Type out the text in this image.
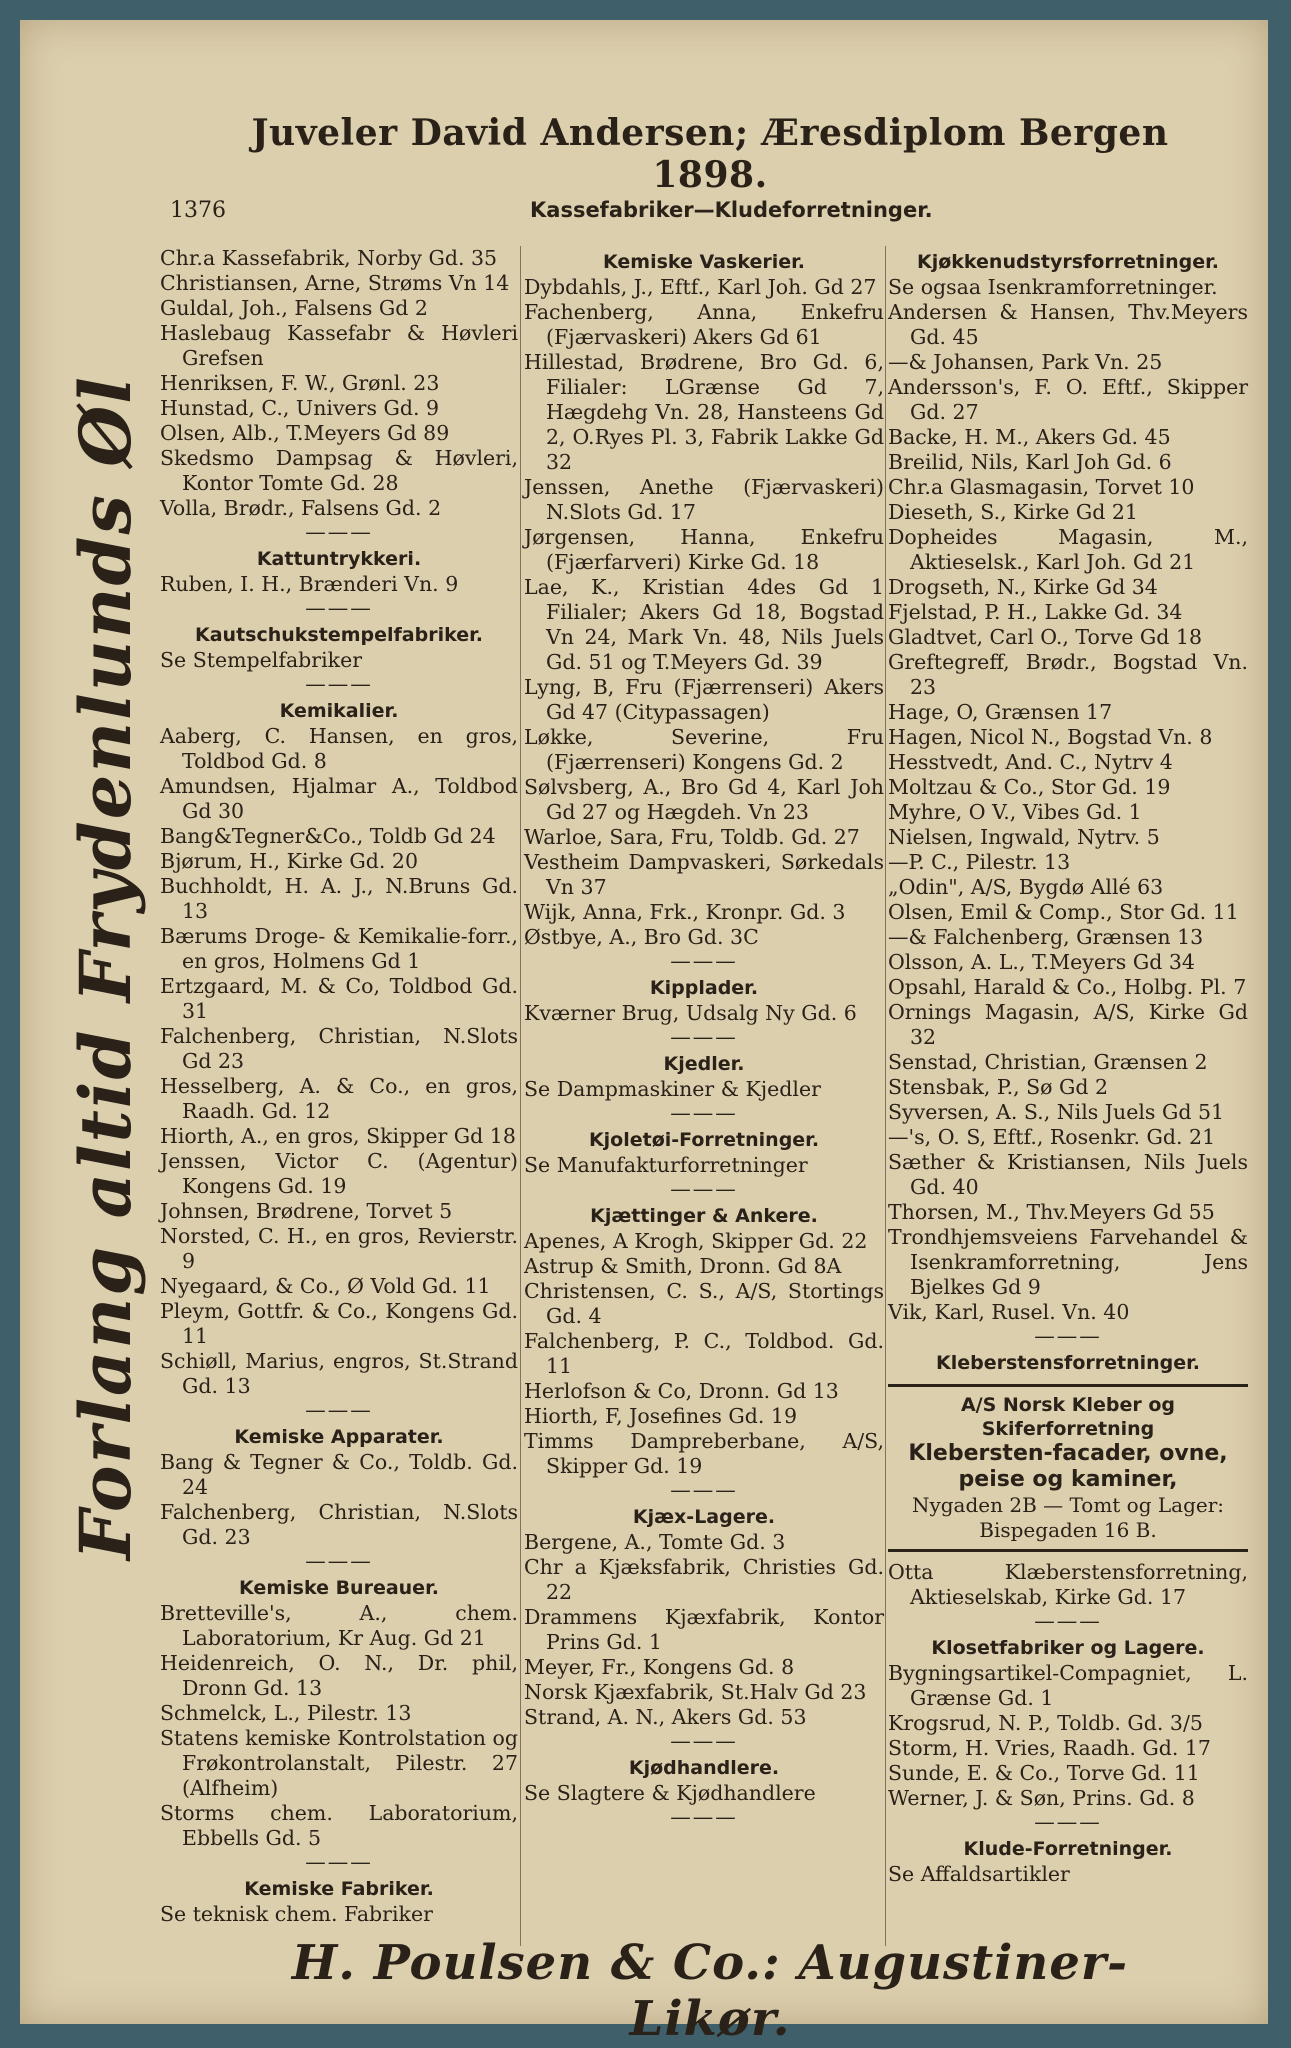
Juveler David Andersen; Æresdiplom Bergen 1898.
1376	Kassefabriker—Kludeforretninger.
Forlang altid Frydenlunds Øl
Chr.a Kassefabrik, Norby Gd. 35
Christiansen, Arne, Strøms Vn 14
Guldal, Joh., Falsens Gd 2
Haslebaug Kassefabr & Høvleri Grefsen
Henriksen, F. W., Grønl. 23
Hunstad, C., Univers Gd. 9
Olsen, Alb., T.Meyers Gd 89
Skedsmo Dampsag & Høvleri, Kontor Tomte Gd. 28
Volla, Brødr., Falsens Gd. 2
———
Kattuntrykkeri.
Ruben, I. H., Brænderi Vn. 9
———
Kautschukstempelfabriker.
Se Stempelfabriker
———
Kemikalier.
Aaberg, C. Hansen, en gros, Toldbod Gd. 8
Amundsen, Hjalmar A., Toldbod Gd 30
Bang&Tegner&Co., Toldb Gd 24
Bjørum, H., Kirke Gd. 20
Buchholdt, H. A. J., N.Bruns Gd. 13
Bærums Droge- & Kemikalie-forr., en gros, Holmens Gd 1
Ertzgaard, M. & Co, Toldbod Gd. 31
Falchenberg, Christian, N.Slots Gd 23
Hesselberg, A. & Co., en gros, Raadh. Gd. 12
Hiorth, A., en gros, Skipper Gd 18
Jenssen, Victor C. (Agentur) Kongens Gd. 19
Johnsen, Brødrene, Torvet 5
Norsted, C. H., en gros, Revierstr. 9
Nyegaard, & Co., Ø Vold Gd. 11
Pleym, Gottfr. & Co., Kongens Gd. 11
Schiøll, Marius, engros, St.Strand Gd. 13
———
Kemiske Apparater.
Bang & Tegner & Co., Toldb. Gd. 24
Falchenberg, Christian, N.Slots Gd. 23
———
Kemiske Bureauer.
Bretteville's, A., chem. Laboratorium, Kr Aug. Gd 21
Heidenreich, O. N., Dr. phil, Dronn Gd. 13
Schmelck, L., Pilestr. 13
Statens kemiske Kontrolstation og Frøkontrolanstalt, Pilestr. 27 (Alfheim)
Storms chem. Laboratorium, Ebbells Gd. 5
———
Kemiske Fabriker.
Se teknisk chem. Fabriker
Kemiske Vaskerier.
Dybdahls, J., Eftf., Karl Joh. Gd 27
Fachenberg, Anna, Enkefru (Fjærvaskeri) Akers Gd 61
Hillestad, Brødrene, Bro Gd. 6, Filialer: LGrænse Gd 7, Hægdehg Vn. 28, Hansteens Gd 2, O.Ryes Pl. 3, Fabrik Lakke Gd 32
Jenssen, Anethe (Fjærvaskeri) N.Slots Gd. 17
Jørgensen, Hanna, Enkefru (Fjærfarveri) Kirke Gd. 18
Lae, K., Kristian 4des Gd 1 Filialer; Akers Gd 18, Bogstad Vn 24, Mark Vn. 48, Nils Juels Gd. 51 og T.Meyers Gd. 39
Lyng, B, Fru (Fjærrenseri) Akers Gd 47 (Citypassagen)
Løkke, Severine, Fru (Fjærrenseri) Kongens Gd. 2
Sølvsberg, A., Bro Gd 4, Karl Joh Gd 27 og Hægdeh. Vn 23
Warloe, Sara, Fru, Toldb. Gd. 27
Vestheim Dampvaskeri, Sørkedals Vn 37
Wijk, Anna, Frk., Kronpr. Gd. 3
Østbye, A., Bro Gd. 3C
———
Kipplader.
Kværner Brug, Udsalg Ny Gd. 6
———
Kjedler.
Se Dampmaskiner & Kjedler
———
Kjoletøi-Forretninger.
Se Manufakturforretninger
———
Kjættinger & Ankere.
Apenes, A Krogh, Skipper Gd. 22
Astrup & Smith, Dronn. Gd 8A
Christensen, C. S., A/S, Stortings Gd. 4
Falchenberg, P. C., Toldbod. Gd. 11
Herlofson & Co, Dronn. Gd 13
Hiorth, F, Josefines Gd. 19
Timms Dampreberbane, A/S, Skipper Gd. 19
———
Kjæx-Lagere.
Bergene, A., Tomte Gd. 3
Chr a Kjæksfabrik, Christies Gd. 22
Drammens Kjæxfabrik, Kontor Prins Gd. 1
Meyer, Fr., Kongens Gd. 8
Norsk Kjæxfabrik, St.Halv Gd 23
Strand, A. N., Akers Gd. 53
———
Kjødhandlere.
Se Slagtere & Kjødhandlere
———
Kjøkkenudstyrsforretninger.
Se ogsaa Isenkramforretninger.
Andersen & Hansen, Thv.Meyers Gd. 45
—& Johansen, Park Vn. 25
Andersson's, F. O. Eftf., Skipper Gd. 27
Backe, H. M., Akers Gd. 45
Breilid, Nils, Karl Joh Gd. 6
Chr.a Glasmagasin, Torvet 10
Dieseth, S., Kirke Gd 21
Dopheides Magasin, M., Aktieselsk., Karl Joh. Gd 21
Drogseth, N., Kirke Gd 34
Fjelstad, P. H., Lakke Gd. 34
Gladtvet, Carl O., Torve Gd 18
Greftegreff, Brødr., Bogstad Vn. 23
Hage, O, Grænsen 17
Hagen, Nicol N., Bogstad Vn. 8
Hesstvedt, And. C., Nytrv 4
Moltzau & Co., Stor Gd. 19
Myhre, O V., Vibes Gd. 1
Nielsen, Ingwald, Nytrv. 5
—P. C., Pilestr. 13
„Odin", A/S, Bygdø Allé 63
Olsen, Emil & Comp., Stor Gd. 11
—& Falchenberg, Grænsen 13
Olsson, A. L., T.Meyers Gd 34
Opsahl, Harald & Co., Holbg. Pl. 7
Ornings Magasin, A/S, Kirke Gd 32
Senstad, Christian, Grænsen 2
Stensbak, P., Sø Gd 2
Syversen, A. S., Nils Juels Gd 51
—'s, O. S, Eftf., Rosenkr. Gd. 21
Sæther & Kristiansen, Nils Juels Gd. 40
Thorsen, M., Thv.Meyers Gd 55
Trondhjemsveiens Farvehandel & Isenkramforretning, Jens Bjelkes Gd 9
Vik, Karl, Rusel. Vn. 40
———
Kleberstensforretninger.
A/S Norsk Kleber og Skiferforretning
Klebersten-facader, ovne, peise og kaminer,
Nygaden 2B — Tomt og Lager: Bispegaden 16 B.
Otta Klæberstensforretning, Aktieselskab, Kirke Gd. 17
———
Klosetfabriker og Lagere.
Bygningsartikel-Compagniet, L. Grænse Gd. 1
Krogsrud, N. P., Toldb. Gd. 3/5
Storm, H. Vries, Raadh. Gd. 17
Sunde, E. & Co., Torve Gd. 11
Werner, J. & Søn, Prins. Gd. 8
———
Klude-Forretninger.
Se Affaldsartikler
H. Poulsen & Co.: Augustiner-Likør.
